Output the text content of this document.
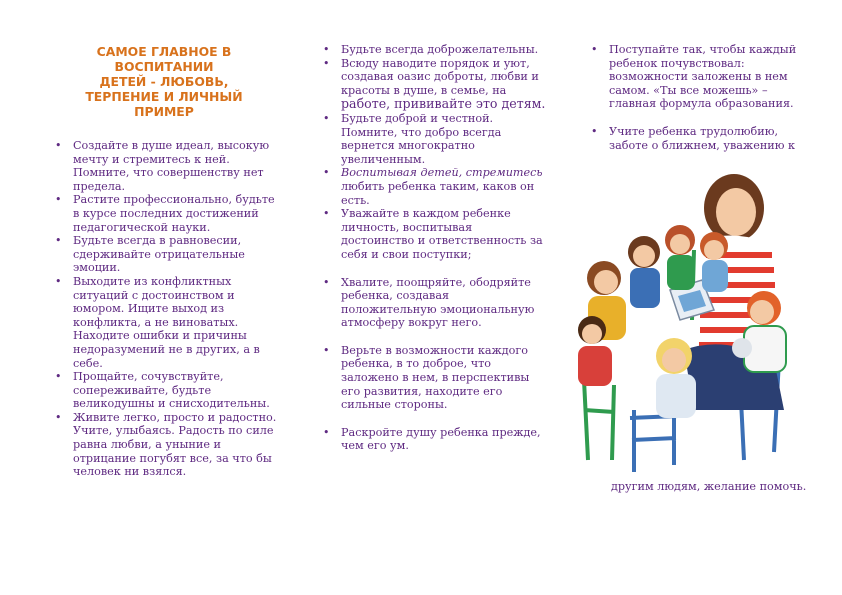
САМОЕ ГЛАВНОЕ В
ВОСПИТАНИИ
ДЕТЕЙ - ЛЮБОВЬ,
ТЕРПЕНИЕ И ЛИЧНЫЙ
ПРИМЕР
• Создайте в душе идеал, высокую мечту и стремитесь к ней. Помните, что совершенству нет предела.
• Растите профессионально, будьте в курсе последних достижений педагогической науки.
• Будьте всегда в равновесии, сдерживайте отрицательные эмоции.
• Выходите из конфликтных ситуаций с достоинством и юмором. Ищите выход из конфликта, а не виноватых. Находите ошибки и причины недоразумений не в других, а в себе.
• Прощайте, сочувствуйте, сопереживайте, будьте великодушны и снисходительны.
• Живите легко, просто и радостно. Учите, улыбаясь. Радость по силе равна любви, а уныние и отрицание погубят все, за что бы человек ни взялся.
• Будьте всегда доброжелательны.
• Всюду наводите порядок и уют, создавая оазис доброты, любви и красоты в душе, в семье, на работе, прививайте это детям.
• Будьте доброй и честной. Помните, что добро всегда вернется многократно увеличенным.
• Воспитывая детей, стремитесь любить ребенка таким, каков он есть.
• Уважайте в каждом ребенке личность, воспитывая достоинство и ответственность за себя и свои поступки;
• Хвалите, поощряйте, ободряйте ребенка, создавая положительную эмоциональную атмосферу вокруг него.
• Верьте в возможности каждого ребенка, в то доброе, что заложено в нем, в перспективы его развития, находите его сильные стороны.
• Раскройте душу ребенка прежде, чем его ум.
• Поступайте так, чтобы каждый ребенок почувствовал: возможности заложены в нем самом. «Ты все можешь» – главная формула образования.
• Учите ребенка трудолюбию, заботе о ближнем, уважению к
другим людям, желание помочь.
